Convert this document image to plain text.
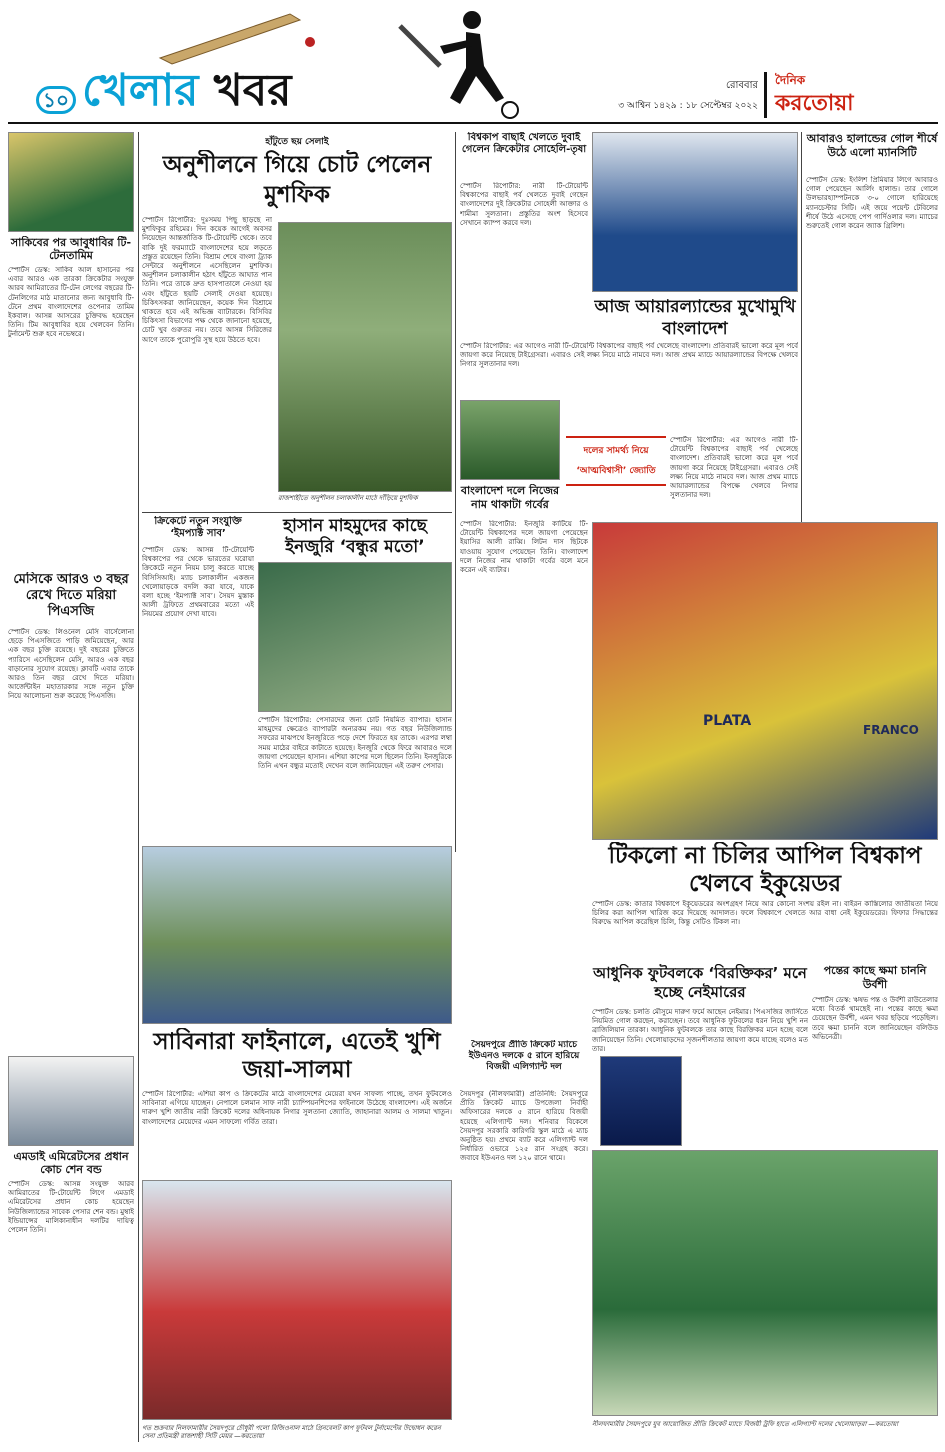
১০ খেলার খবর	রোববার
৩ আশ্বিন ১৪২৯ : ১৮ সেপ্টেম্বর ২০২২
দৈনিক
করতোয়া
সাকিবের পর আবুধাবির টি-টেনতামিম
স্পোর্টস ডেস্ক: সাকিব আল হাসানের পর এবার আরও এক তারকা ক্রিকেটার সংযুক্ত আরব আমিরাতের টি-টেন লেগের বছরের টি-টেনলিগের মাঠ মাতানোর জন্য আবুধাবি টি-টেনে প্রথম বাংলাদেশের ওপেনার তামিম ইকবাল। আসন্ন আসরের চুক্তিবদ্ধ হয়েছেন তিনি। টিম আবুধাবির হয়ে খেলবেন তিনি। টুর্নামেন্ট শুরু হবে নভেম্বরে।
মেসিকে আরও ৩ বছর রেখে দিতে মরিয়া পিএসজি
স্পোর্টস ডেস্ক: লিওনেল মেসি বার্সেলোনা ছেড়ে পিএসজিতে পাড়ি জমিয়েছেন, আর এক বছর চুক্তি রয়েছে। দুই বছরের চুক্তিতে প্যারিসে এসেছিলেন মেসি, আরও এক বছর বাড়ানোর সুযোগ রয়েছে। ক্লাবটি এবার তাকে আরও তিন বছর রেখে দিতে মরিয়া। আর্জেন্টাইন মহাতারকার সঙ্গে নতুন চুক্তি নিয়ে আলোচনা শুরু করেছে পিএসজি।
এমডাই এমিরেটসের প্রধান কোচ শেন বন্ড
স্পোর্টস ডেস্ক: আসন্ন সংযুক্ত আরব আমিরাতের টি-টোয়েন্টি লিগে এমডাই এমিরেটসের প্রধান কোচ হয়েছেন নিউজিল্যান্ডের সাবেক পেসার শেন বন্ড। মুম্বাই ইন্ডিয়ান্সের মালিকানাধীন দলটির দায়িত্ব পেলেন তিনি।
হাঁটুতে ছয় সেলাই
অনুশীলনে গিয়ে চোট পেলেন মুশফিক
স্পোর্টস রিপোর্টার: দুঃসময় পিছু ছাড়ছে না মুশফিকুর রহিমের। দিন কয়েক আগেই অবসর নিয়েছেন আন্তর্জাতিক টি-টোয়েন্টি থেকে। তবে বাকি দুই ফরম্যাটে বাংলাদেশের হয়ে লড়তে প্রস্তুত রয়েছেন তিনি। বিশ্রাম শেষে বাংলা ট্র্যাক সেন্টারে অনুশীলনে এসেছিলেন মুশফিক। অনুশীলন চলাকালীন হঠাৎ হাঁটুতে আঘাত পান তিনি। পরে তাকে দ্রুত হাসপাতালে নেওয়া হয় এবং হাঁটুতে ছয়টি সেলাই দেওয়া হয়েছে। চিকিৎসকরা জানিয়েছেন, কয়েক দিন বিশ্রামে থাকতে হবে এই অভিজ্ঞ ব্যাটারকে। বিসিবির চিকিৎসা বিভাগের পক্ষ থেকে জানানো হয়েছে, চোট খুব গুরুতর নয়। তবে আসন্ন সিরিজের আগে তাকে পুরোপুরি সুস্থ হয়ে উঠতে হবে।
রাজশাহীতে অনুশীলন চলাকালীন মাঠে দাঁড়িয়ে মুশফিক
ক্রিকেটে নতুন সংযুক্তি ‘ইমপ্যাক্ট সাব’
স্পোর্টস ডেস্ক: আসন্ন টি-টোয়েন্টি বিশ্বকাপের পর থেকে ভারতের ঘরোয়া ক্রিকেটে নতুন নিয়ম চালু করতে যাচ্ছে বিসিসিআই। ম্যাচ চলাকালীন একজন খেলোয়াড়কে বদলি করা যাবে, যাকে বলা হচ্ছে ‘ইমপ্যাক্ট সাব’। সৈয়দ মুস্তাক আলী ট্রফিতে প্রথমবারের মতো এই নিয়মের প্রয়োগ দেখা যাবে।
হাসান মাহমুদের কাছে ইনজুরি ‘বন্ধুর মতো’
স্পোর্টস রিপোর্টার: পেসারদের জন্য চোট নিয়মিত ব্যাপার। হাসান মাহমুদের ক্ষেত্রেও ব্যাপারটা অন্যরকম নয়। গত বছর নিউজিল্যান্ড সফরের মাঝপথে ইনজুরিতে পড়ে দেশে ফিরতে হয় তাকে। এরপর লম্বা সময় মাঠের বাইরে কাটাতে হয়েছে। ইনজুরি থেকে ফিরে আবারও দলে জায়গা পেয়েছেন হাসান। এশিয়া কাপের দলে ছিলেন তিনি। ইনজুরিকে তিনি এখন বন্ধুর মতোই দেখেন বলে জানিয়েছেন এই তরুণ পেসার।
সাবিনারা ফাইনালে, এতেই খুশি জয়া-সালমা
স্পোর্টস রিপোর্টার: এশিয়া কাপ ও ক্রিকেটের মাঠে বাংলাদেশের মেয়েরা যখন সাফল্য পাচ্ছে, তখন ফুটবলেও সাবিনারা এগিয়ে যাচ্ছেন। নেপালে চলমান সাফ নারী চ্যাম্পিয়নশিপের ফাইনালে উঠেছে বাংলাদেশ। এই অর্জনে দারুণ খুশি জাতীয় নারী ক্রিকেট দলের অধিনায়ক নিগার সুলতানা জ্যোতি, জাহানারা আলম ও সালমা খাতুন। বাংলাদেশের মেয়েদের এমন সাফল্যে গর্বিত তারা।
গত শুক্রবার নিলফামারীর সৈয়দপুরে চৌধুরী পলো রিজিওনাল মাঠে গ্রিনবেলট কাপ ফুটবল টুর্নামেন্টের উদ্বোধন করেন সেনা প্রতিমন্ত্রী রাজশাহী সিটি মেয়র —করতোয়া
বিশ্বকাপ বাছাই খেলতে দুবাই গেলেন ক্রিকেটার সোহেলি-তৃষা
স্পোর্টস রিপোর্টার: নারী টি-টোয়েন্টি বিশ্বকাপের বাছাই পর্ব খেলতে দুবাই গেছেন বাংলাদেশের দুই ক্রিকেটার সোহেলী আক্তার ও শামীমা সুলতানা। প্রস্তুতির অংশ হিসেবে সেখানে ক্যাম্প করবে দল।
আজ আয়ারল্যান্ডের মুখোমুখি বাংলাদেশ
স্পোর্টস রিপোর্টার: এর আগেও নারী টি-টোয়েন্টি বিশ্বকাপের বাছাই পর্ব খেলেছে বাংলাদেশ। প্রতিবারই ভালো করে মূল পর্বে জায়গা করে নিয়েছে টাইগ্রেসরা। এবারও সেই লক্ষ্য নিয়ে মাঠে নামবে দল। আজ প্রথম ম্যাচে আয়ারল্যান্ডের বিপক্ষে খেলবে নিগার সুলতানার দল।
দলের সামর্থ্য নিয়ে ‘আত্মবিশ্বাসী’ জ্যোতি
স্পোর্টস রিপোর্টার: এর আগেও নারী টি-টোয়েন্টি বিশ্বকাপের বাছাই পর্ব খেলেছে বাংলাদেশ। প্রতিবারই ভালো করে মূল পর্বে জায়গা করে নিয়েছে টাইগ্রেসরা। এবারও সেই লক্ষ্য নিয়ে মাঠে নামবে দল। আজ প্রথম ম্যাচে আয়ারল্যান্ডের বিপক্ষে খেলবে নিগার সুলতানার দল।
বাংলাদেশ দলে নিজের নাম থাকাটা গর্বের
স্পোর্টস রিপোর্টার: ইনজুরি কাটিয়ে টি-টোয়েন্টি বিশ্বকাপের দলে জায়গা পেয়েছেন ইয়াসির আলী রাব্বি। লিটন দাস ছিটকে যাওয়ায় সুযোগ পেয়েছেন তিনি। বাংলাদেশ দলে নিজের নাম থাকাটা গর্বের বলে মনে করেন এই ব্যাটার।
আবারও হালান্ডের গোল শীর্ষে উঠে এলো ম্যানসিটি
স্পোর্টস ডেস্ক: ইংলিশ প্রিমিয়ার লিগে আবারও গোল পেয়েছেন আর্লিং হালান্ড। তার গোলে উলভারহ্যাম্পটনকে ৩-০ গোলে হারিয়েছে ম্যানচেস্টার সিটি। এই জয়ে পয়েন্ট টেবিলের শীর্ষে উঠে এসেছে পেপ গার্দিওলার দল। ম্যাচের শুরুতেই গোল করেন জ্যাক গ্রিলিশ।
PLATA
FRANCO
টিকলো না চিলির আপিল বিশ্বকাপ খেলবে ইকুয়েডর
স্পোর্টস ডেস্ক: কাতার বিশ্বকাপে ইকুয়েডরের অংশগ্রহণ নিয়ে আর কোনো সংশয় রইল না। বাইরন কাস্তিলোর জাতীয়তা নিয়ে চিলির করা আপিল খারিজ করে দিয়েছে আদালত। ফলে বিশ্বকাপে খেলতে আর বাধা নেই ইকুয়েডরের। ফিফার সিদ্ধান্তের বিরুদ্ধে আপিল করেছিল চিলি, কিন্তু সেটিও টিকল না।
আধুনিক ফুটবলকে ‘বিরক্তিকর’ মনে হচ্ছে নেইমারের
স্পোর্টস ডেস্ক: চলতি মৌসুমে দারুণ ফর্মে আছেন নেইমার। পিএসজির জার্সিতে নিয়মিত গোল করছেন, করাচ্ছেন। তবে আধুনিক ফুটবলের ধরন নিয়ে খুশি নন ব্রাজিলিয়ান তারকা। আধুনিক ফুটবলকে তার কাছে বিরক্তিকর মনে হচ্ছে বলে জানিয়েছেন তিনি। খেলোয়াড়দের সৃজনশীলতার জায়গা কমে যাচ্ছে বলেও মত তার।
পন্তের কাছে ক্ষমা চাননি উর্বশী
স্পোর্টস ডেস্ক: ঋষভ পন্ত ও উর্বশী রাউতেলার মধ্যে বিতর্ক থামছেই না। পন্তের কাছে ক্ষমা চেয়েছেন উর্বশী, এমন খবর ছড়িয়ে পড়েছিল। তবে ক্ষমা চাননি বলে জানিয়েছেন বলিউড অভিনেত্রী।
সৈয়দপুরে প্রীতি ক্রিকেট ম্যাচে ইউএনও দলকে ৫ রানে হারিয়ে বিজয়ী এলিগ্যান্ট দল
সৈয়দপুর (নীলফামারী) প্রতিনিধি: সৈয়দপুরে প্রীতি ক্রিকেট ম্যাচে উপজেলা নির্বাহী অফিসারের দলকে ৫ রানে হারিয়ে বিজয়ী হয়েছে এলিগ্যান্ট দল। শনিবার বিকেলে সৈয়দপুর সরকারি কারিগরি স্কুল মাঠে এ ম্যাচ অনুষ্ঠিত হয়। প্রথমে ব্যাট করে এলিগ্যান্ট দল নির্ধারিত ওভারে ১২৫ রান সংগ্রহ করে। জবাবে ইউএনও দল ১২০ রানে থামে।
নীলফামারীর সৈয়দপুরে যুব আয়োজিত প্রীতি ক্রিকেট ম্যাচে বিজয়ী ট্রফি হাতে এলিগ্যান্ট দলের খেলোয়াড়রা —করতোয়া
